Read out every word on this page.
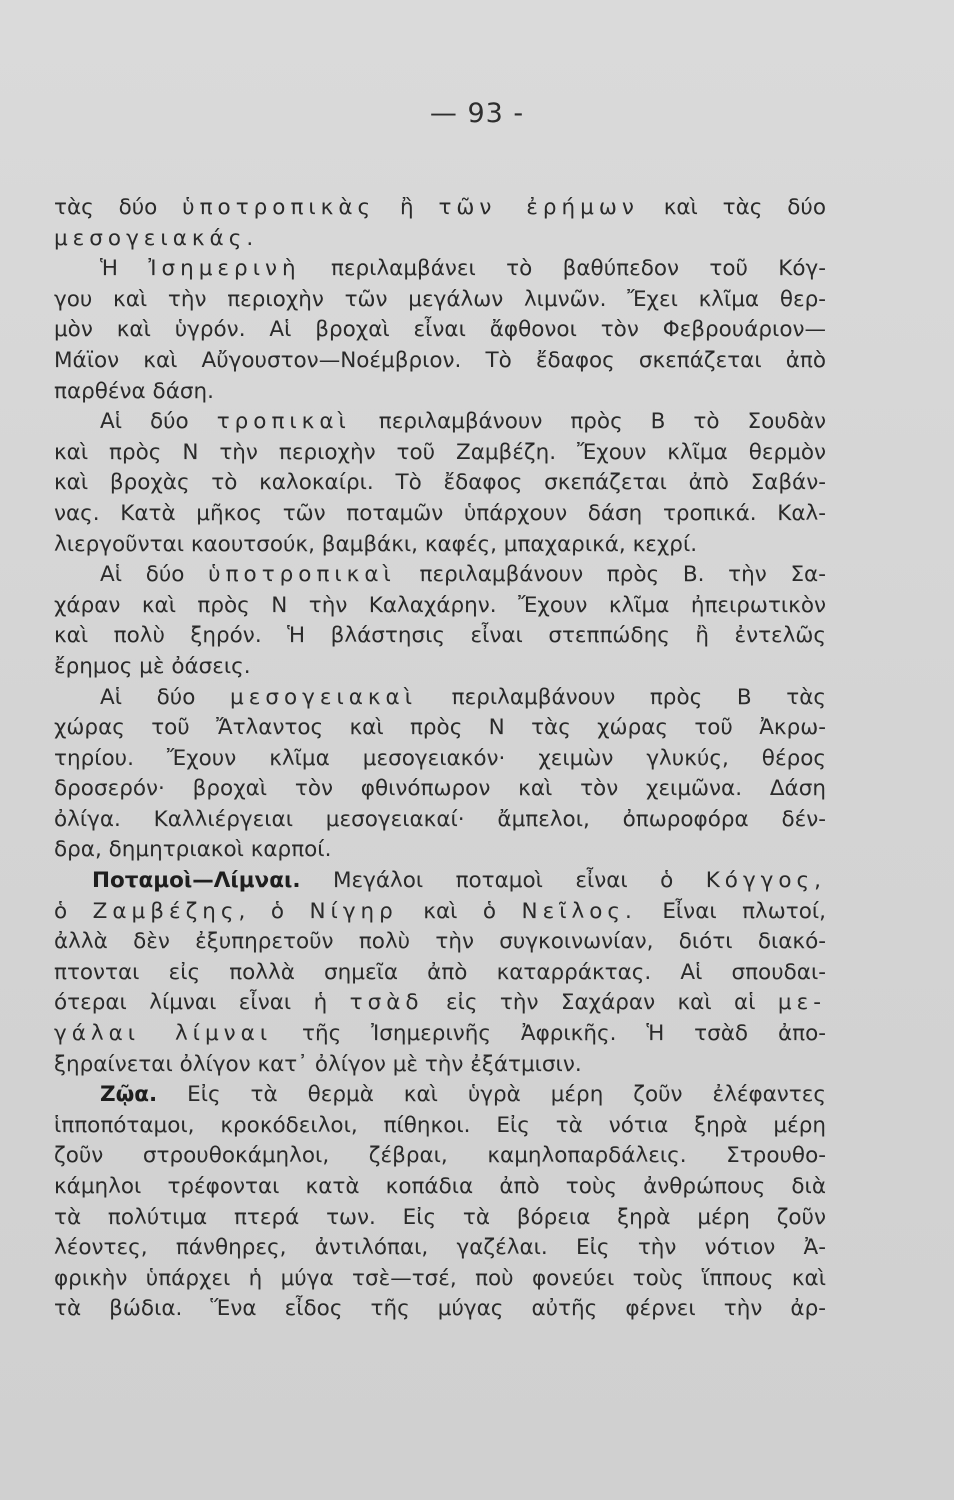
— 93 -
τὰς δύο ὑποτροπικὰς ἢ τῶν ἐρήμων καὶ τὰς δύο
μεσογειακάς.
Ἡ Ἰσημερινὴ περιλαμβάνει τὸ βαθύπεδον τοῦ Κόγ-
γου καὶ τὴν περιοχὴν τῶν μεγάλων λιμνῶν. Ἔχει κλῖμα θερ-
μὸν καὶ ὑγρόν. Αἱ βροχαὶ εἶναι ἄφθονοι τὸν Φεβρουάριον—
Μάϊον καὶ Αὔγουστον—Νοέμβριον. Τὸ ἔδαφος σκεπάζεται ἀπὸ
παρθένα δάση.
Αἱ δύο τροπικαὶ περιλαμβάνουν πρὸς Β τὸ Σουδὰν
καὶ πρὸς Ν τὴν περιοχὴν τοῦ Ζαμβέζη. Ἔχουν κλῖμα θερμὸν
καὶ βροχὰς τὸ καλοκαίρι. Τὸ ἔδαφος σκεπάζεται ἀπὸ Σαβάν-
νας. Κατὰ μῆκος τῶν ποταμῶν ὑπάρχουν δάση τροπικά. Καλ-
λιεργοῦνται καουτσούκ, βαμβάκι, καφές, μπαχαρικά, κεχρί.
Αἱ δύο ὑποτροπικαὶ περιλαμβάνουν πρὸς Β. τὴν Σα-
χάραν καὶ πρὸς Ν τὴν Καλαχάρην. Ἔχουν κλῖμα ἠπειρωτικὸν
καὶ πολὺ ξηρόν. Ἡ βλάστησις εἶναι στεππώδης ἢ ἐντελῶς
ἔρημος μὲ ὀάσεις.
Αἱ δύο μεσογειακαὶ περιλαμβάνουν πρὸς Β τὰς
χώρας τοῦ Ἄτλαντος καὶ πρὸς Ν τὰς χώρας τοῦ Ἀκρω-
τηρίου. Ἔχουν κλῖμα μεσογειακόν· χειμὼν γλυκύς, θέρος
δροσερόν· βροχαὶ τὸν φθινόπωρον καὶ τὸν χειμῶνα. Δάση
ὀλίγα. Καλλιέργειαι μεσογειακαί· ἄμπελοι, ὀπωροφόρα δέν-
δρα, δημητριακοὶ καρποί.
Ποταμοὶ—Λίμναι. Μεγάλοι ποταμοὶ εἶναι ὁ Κόγγος,
ὁ Ζαμβέζης, ὁ Νίγηρ καὶ ὁ Νεῖλος. Εἶναι πλωτοί,
ἀλλὰ δὲν ἐξυπηρετοῦν πολὺ τὴν συγκοινωνίαν, διότι διακό-
πτονται εἰς πολλὰ σημεῖα ἀπὸ καταρράκτας. Αἱ σπουδαι-
ότεραι λίμναι εἶναι ἡ τσὰδ εἰς τὴν Σαχάραν καὶ αἱ με-
γάλαι λίμναι τῆς Ἰσημερινῆς Ἀφρικῆς. Ἡ τσὰδ ἀπο-
ξηραίνεται ὀλίγον κατ᾿ ὀλίγον μὲ τὴν ἐξάτμισιν.
Ζῷα. Εἰς τὰ θερμὰ καὶ ὑγρὰ μέρη ζοῦν ἐλέφαντες
ἱπποπόταμοι, κροκόδειλοι, πίθηκοι. Εἰς τὰ νότια ξηρὰ μέρη
ζοῦν στρουθοκάμηλοι, ζέβραι, καμηλοπαρδάλεις. Στρουθο-
κάμηλοι τρέφονται κατὰ κοπάδια ἀπὸ τοὺς ἀνθρώπους διὰ
τὰ πολύτιμα πτερά των. Εἰς τὰ βόρεια ξηρὰ μέρη ζοῦν
λέοντες, πάνθηρες, ἀντιλόπαι, γαζέλαι. Εἰς τὴν νότιον Ἀ-
φρικὴν ὑπάρχει ἡ μύγα τσὲ—τσέ, ποὺ φονεύει τοὺς ἵππους καὶ
τὰ βώδια. Ἕνα εἶδος τῆς μύγας αὐτῆς φέρνει τὴν ἀρ-
